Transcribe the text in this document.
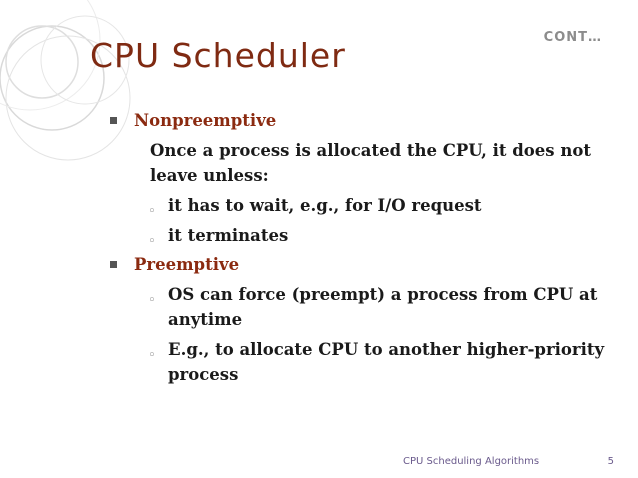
CONT…
CPU Scheduler
Nonpreemptive
Once a process is allocated the CPU, it does not leave unless:
◦ it has to wait, e.g., for I/O request
◦ it terminates
Preemptive
◦ OS can force (preempt) a process from CPU at anytime
◦ E.g., to allocate CPU to another higher-priority process
CPU Scheduling Algorithms	5
